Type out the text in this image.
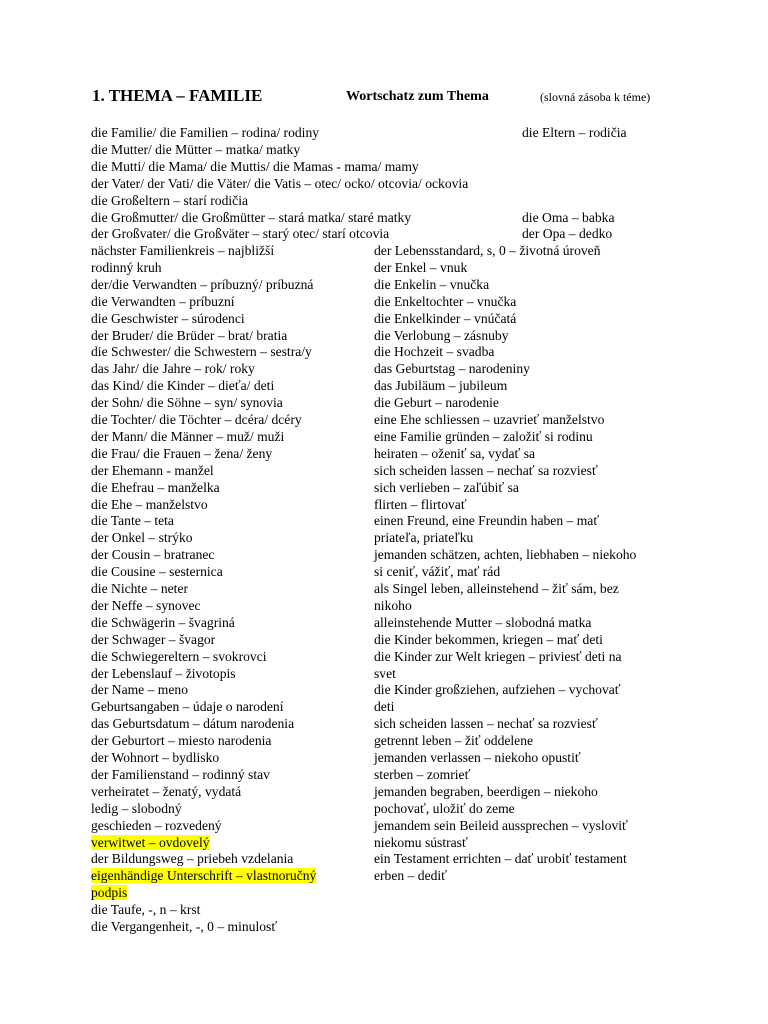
1. THEMA – FAMILIE	Wortschatz zum Thema	(slovná zásoba k téme)
die Familie/ die Familien – rodina/ rodiny
die Mutter/ die Mütter – matka/ matky
die Mutti/ die Mama/ die Muttis/ die Mamas - mama/ mamy
der Vater/ der Vati/ die Väter/ die Vatis – otec/ ocko/ otcovia/ ockovia
die Großeltern – starí rodičia
die Großmutter/ die Großmütter – stará matka/ staré matky
der Großvater/ die Großväter – starý otec/ starí otcovia
die Eltern – rodičia
die Oma – babka
der Opa – dedko
nächster Familienkreis – najbližší
rodinný kruh
der/die Verwandten – príbuzný/ príbuzná
die Verwandten – príbuzní
die Geschwister – súrodenci
der Bruder/ die Brüder – brat/ bratia
die Schwester/ die Schwestern – sestra/y
das Jahr/ die Jahre – rok/ roky
das Kind/ die Kinder – dieťa/ deti
der Sohn/ die Söhne – syn/ synovia
die Tochter/ die Töchter – dcéra/ dcéry
der Mann/ die Männer – muž/ muži
die Frau/ die Frauen – žena/ ženy
der Ehemann - manžel
die Ehefrau – manželka
die Ehe – manželstvo
die Tante – teta
der Onkel – strýko
der Cousin – bratranec
die Cousine – sesternica
die Nichte – neter
der Neffe – synovec
die Schwägerin – švagriná
der Schwager – švagor
die Schwiegereltern – svokrovci
der Lebenslauf – životopis
der Name – meno
Geburtsangaben – údaje o narodení
das Geburtsdatum – dátum narodenia
der Geburtort – miesto narodenia
der Wohnort – bydlisko
der Familienstand – rodinný stav
verheiratet – ženatý, vydatá
ledig – slobodný
geschieden – rozvedený
verwitwet – ovdovelý
der Bildungsweg – priebeh vzdelania
eigenhändige Unterschrift – vlastnoručný
podpis
die Taufe, -, n – krst
die Vergangenheit, -, 0 – minulosť
der Lebensstandard, s, 0 – životná úroveň
der Enkel – vnuk
die Enkelin – vnučka
die Enkeltochter – vnučka
die Enkelkinder – vnúčatá
die Verlobung – zásnuby
die Hochzeit – svadba
das Geburtstag – narodeniny
das Jubiläum – jubileum
die Geburt – narodenie
eine Ehe schliessen – uzavrieť manželstvo
eine Familie gründen – založiť si rodinu
heiraten – oženiť sa, vydať sa
sich scheiden lassen – nechať sa rozviesť
sich verlieben – zaľúbiť sa
flirten – flirtovať
einen Freund, eine Freundin haben – mať
priateľa, priateľku
jemanden schätzen, achten, liebhaben – niekoho
si ceniť, vážiť, mať rád
als Singel leben, alleinstehend – žiť sám, bez
nikoho
alleinstehende Mutter – slobodná matka
die Kinder bekommen, kriegen – mať deti
die Kinder zur Welt kriegen – priviesť deti na
svet
die Kinder großziehen, aufziehen – vychovať
deti
sich scheiden lassen – nechať sa rozviesť
getrennt leben – žiť oddelene
jemanden verlassen – niekoho opustiť
sterben – zomrieť
jemanden begraben, beerdigen – niekoho
pochovať, uložiť do zeme
jemandem sein Beileid aussprechen – vysloviť
niekomu sústrasť
ein Testament errichten – dať urobiť testament
erben – dediť
